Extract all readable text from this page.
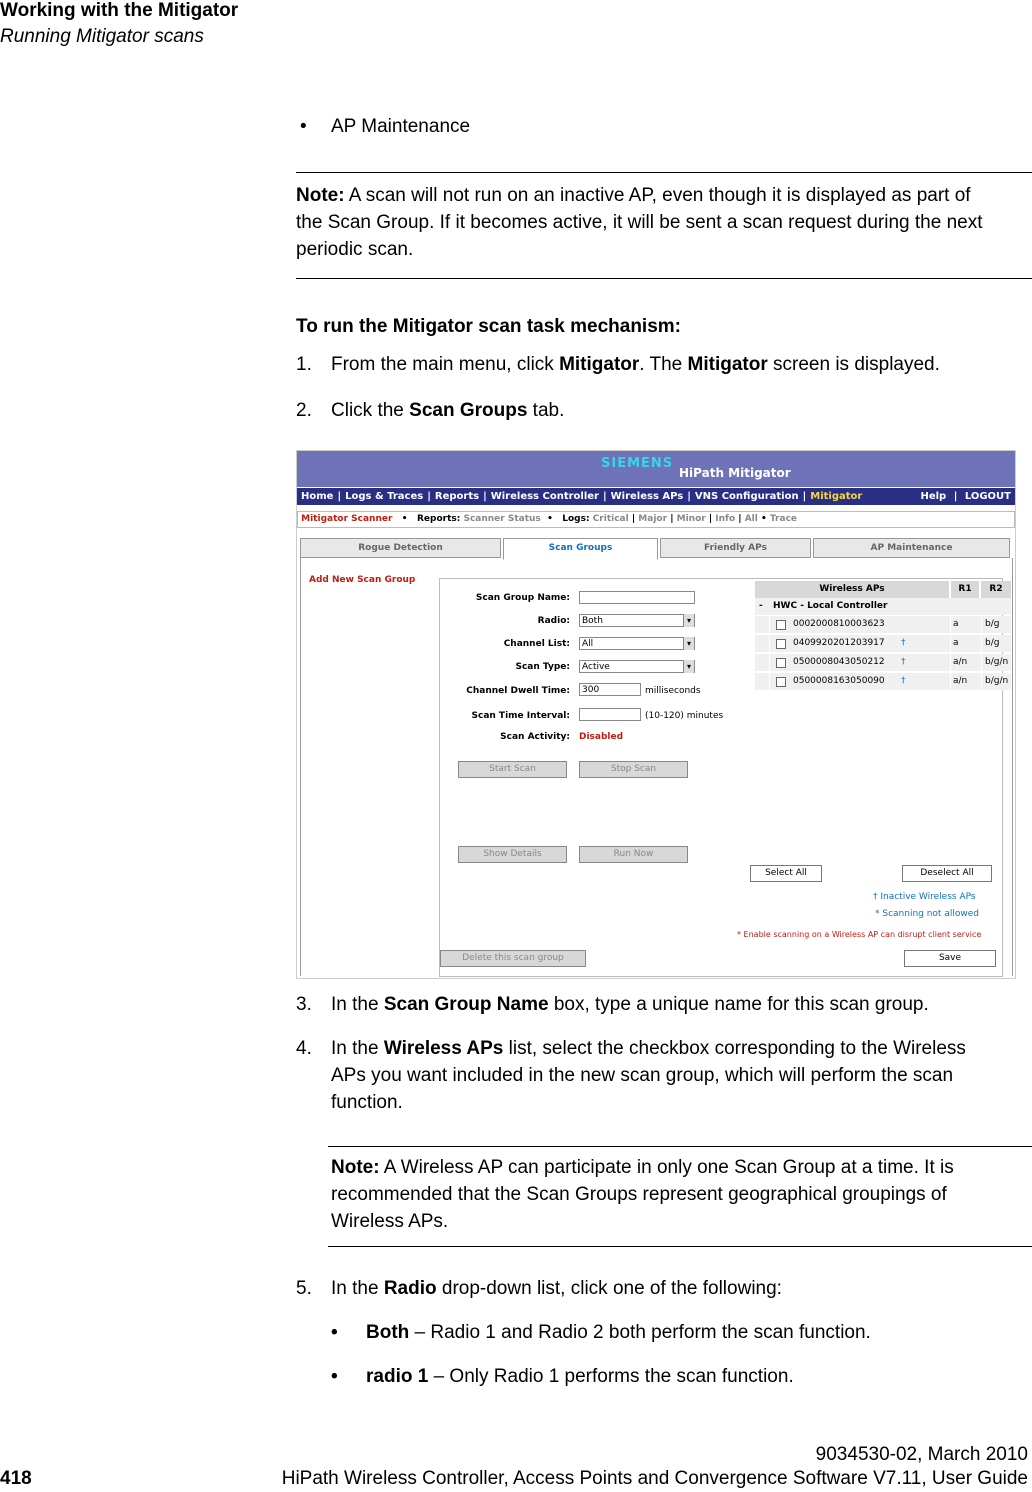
Working with the Mitigator
Running Mitigator scans
• AP Maintenance
Note: A scan will not run on an inactive AP, even though it is displayed as part of
the Scan Group. If it becomes active, it will be sent a scan request during the next
periodic scan.
To run the Mitigator scan task mechanism:
1. From the main menu, click Mitigator. The Mitigator screen is displayed.
2. Click the Scan Groups tab.
SIEMENS
HiPath Mitigator
Home | Logs & Traces | Reports | Wireless Controller | Wireless APs | VNS Configuration | Mitigator	Help | LOGOUT
Mitigator Scanner • Reports: Scanner Status • Logs: Critical | Major | Minor | Info | All • Trace
Rogue Detection	Scan Groups	Friendly APs	AP Maintenance
Add New Scan Group
Scan Group Name:
Radio:	Both ▾
Channel List:	All ▾
Scan Type:	Active ▾
Channel Dwell Time:	300	milliseconds
Scan Time Interval:	(10-120) minutes
Scan Activity: Disabled
Start Scan	Stop Scan
Show Details	Run Now
Wireless APs	R1	R2
- HWC - Local Controller
0002000810003623	a	b/g
0409920201203917 †	a	b/g
0500008043050212 †	a/n b/g/n
0500008163050090 †	a/n b/g/n
Select All	Deselect All
† Inactive Wireless APs
* Scanning not allowed
* Enable scanning on a Wireless AP can disrupt client service
Delete this scan group	Save
3. In the Scan Group Name box, type a unique name for this scan group.
4. In the Wireless APs list, select the checkbox corresponding to the Wireless
APs you want included in the new scan group, which will perform the scan
function.
Note: A Wireless AP can participate in only one Scan Group at a time. It is
recommended that the Scan Groups represent geographical groupings of
Wireless APs.
5. In the Radio drop-down list, click one of the following:
• Both – Radio 1 and Radio 2 both perform the scan function.
• radio 1 – Only Radio 1 performs the scan function.
9034530-02, March 2010
418	HiPath Wireless Controller, Access Points and Convergence Software V7.11, User Guide
